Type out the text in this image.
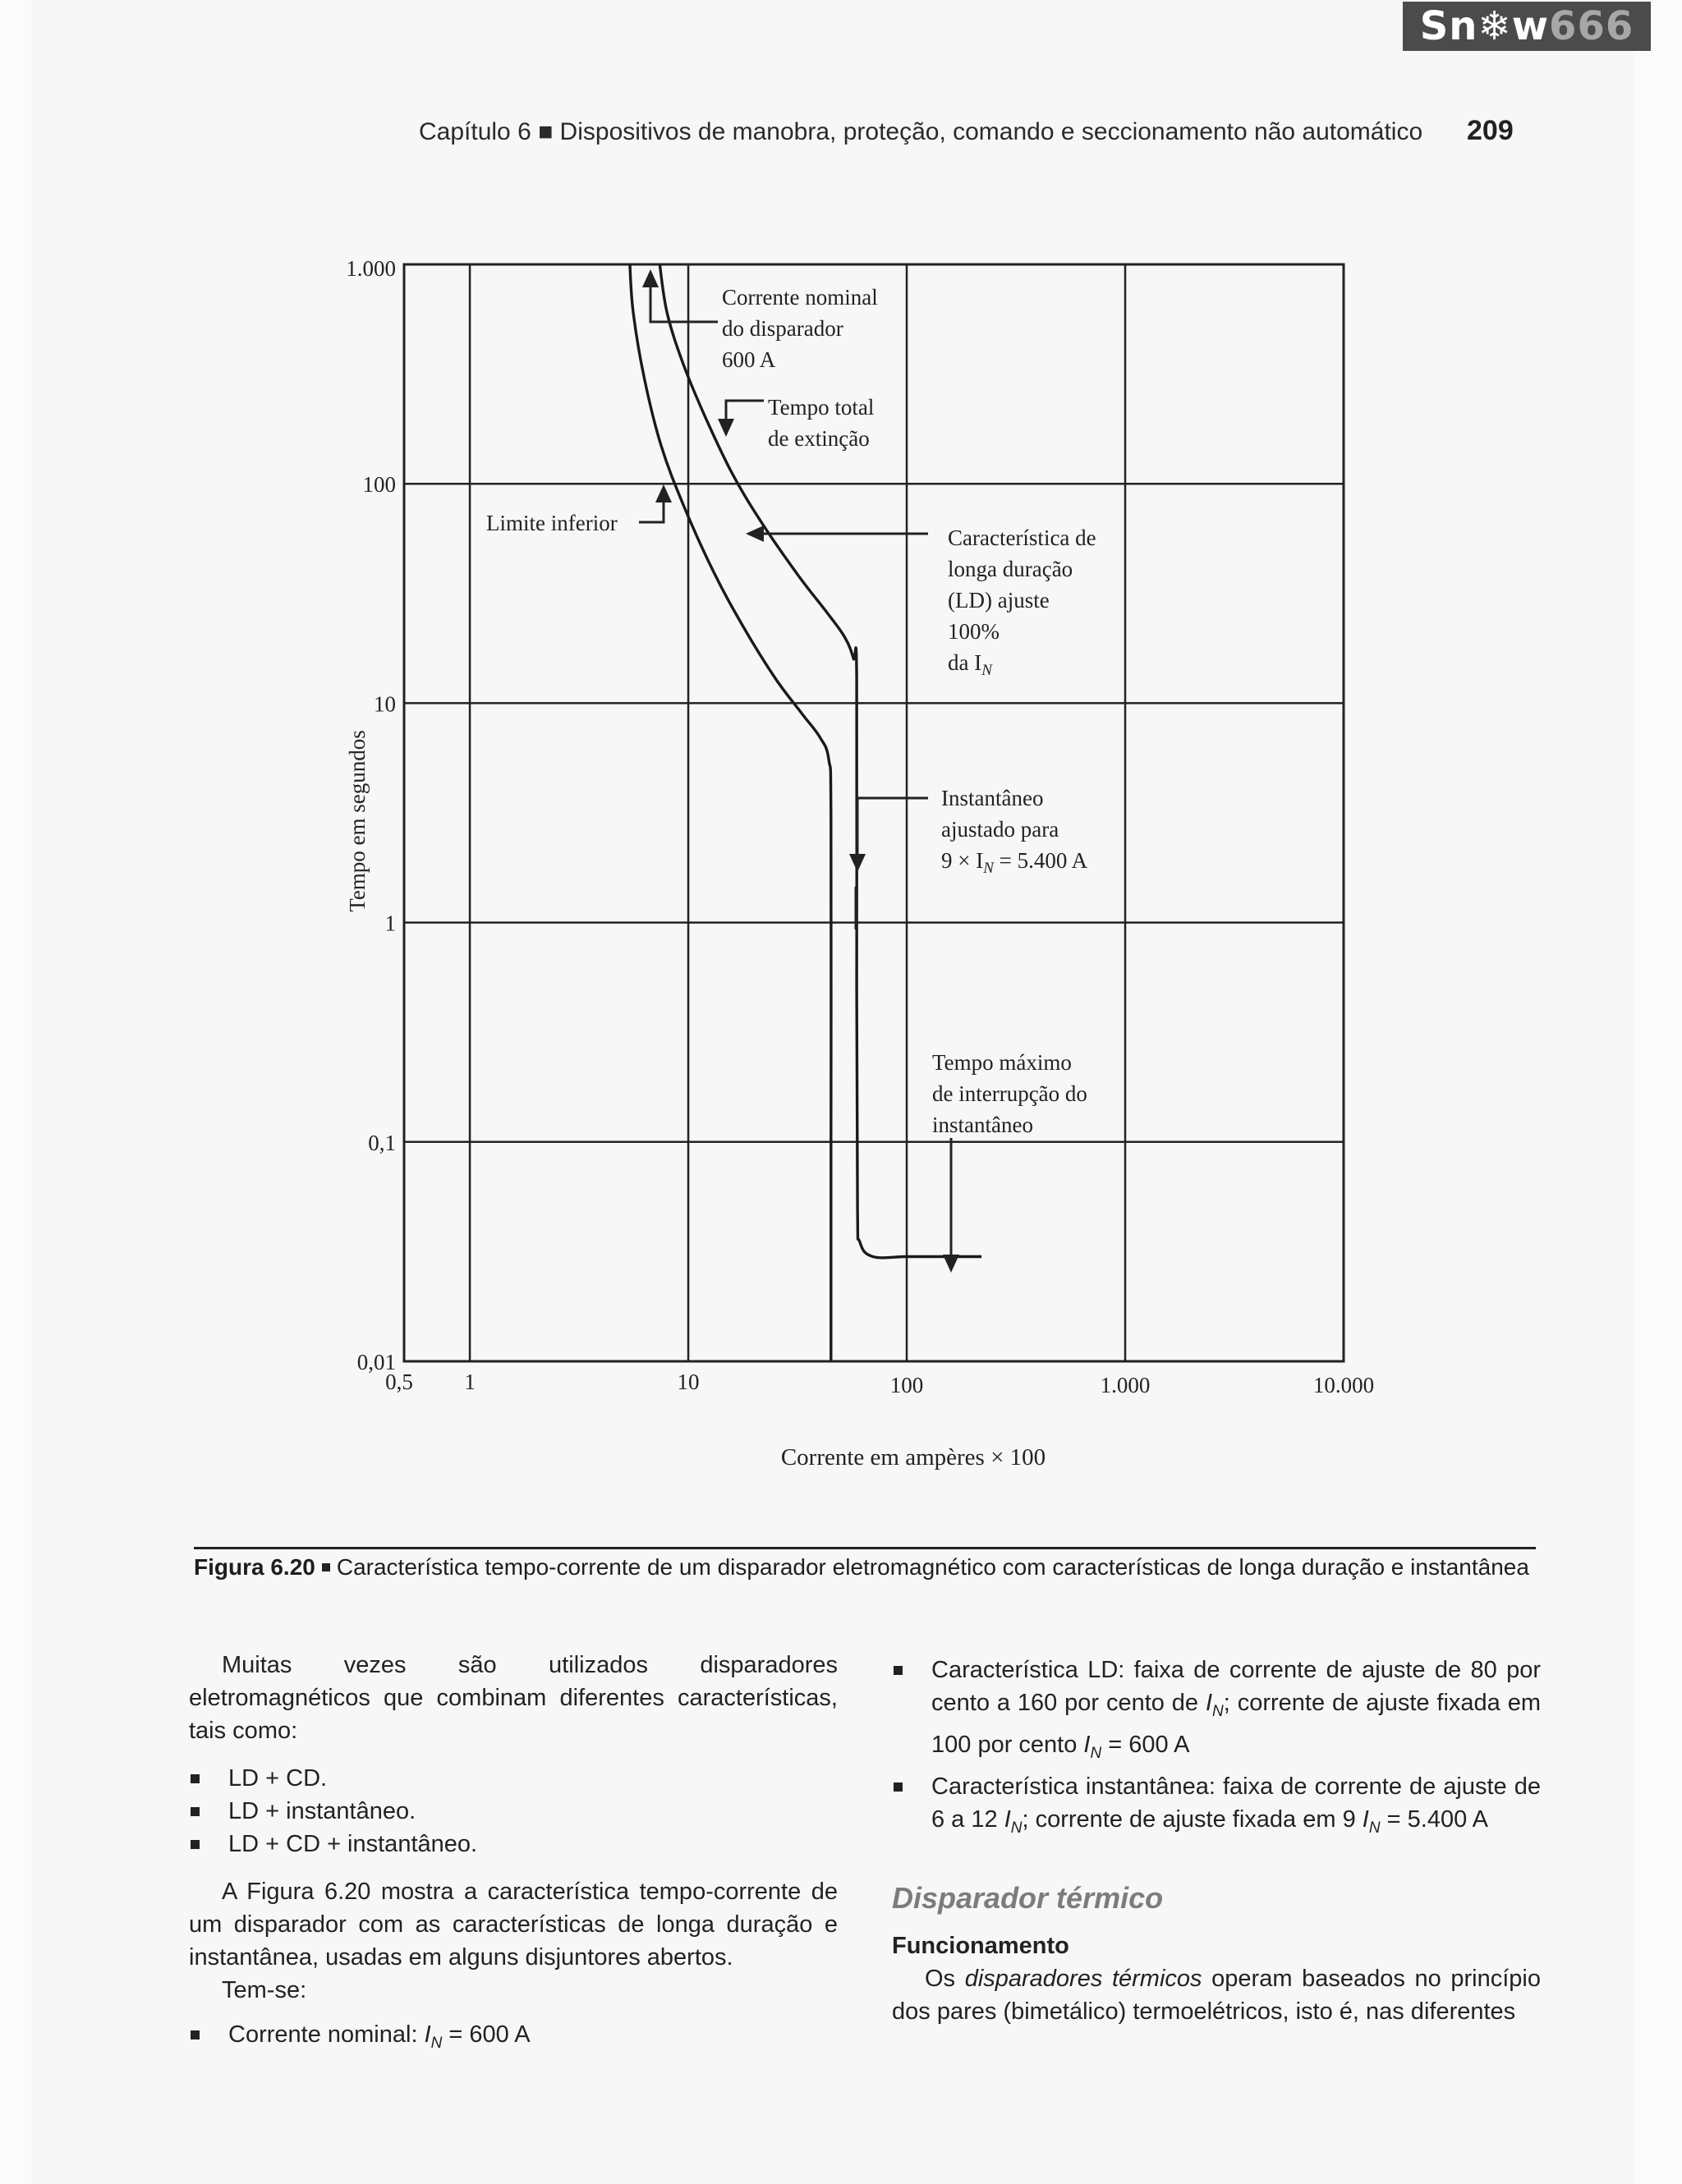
Sn❄w666
Capítulo 6 ■ Dispositivos de manobra, proteção, comando e seccionamento não automático 209
0,5 1	10	100	1.000	10.000
1.000
100
10
1
0,1
0,01
Corrente em ampères × 100
Tempo em segundos
Corrente nominal
do disparador
600 A
Tempo total
de extinção
Limite inferior
Característica de
longa duração
(LD) ajuste
100%
da $I_N$
Instantâneo
ajustado para
$9 \times I_N = 5.400$ A
Tempo máximo
de interrupção do
instantâneo
Figura 6.20 Característica tempo-corrente de um disparador eletromagnético com características de longa duração e instantânea

Muitas vezes são utilizados disparadores eletromagnéticos que combinam diferentes características, tais como:

LD + CD.

LD + instantâneo.

LD + CD + instantâneo.

A Figura 6.20 mostra a característica tempo-corrente de um disparador com as características de longa duração e instantânea, usadas em alguns disjuntores abertos.

Tem-se:

Corrente nominal: $I_N = 600$ A

Característica LD: faixa de corrente de ajuste de 80 por cento a 160 por cento de $I_N$; corrente de ajuste fixada em 100 por cento $I_N = 600$ A

Característica instantânea: faixa de corrente de ajuste de 6 a 12 $I_N$; corrente de ajuste fixada em 9 $I_N = 5.400$ A

Disparador térmico
Funcionamento

Os disparadores térmicos operam baseados no princípio dos pares (bimetálico) termoelétricos, isto é, nas diferentes
